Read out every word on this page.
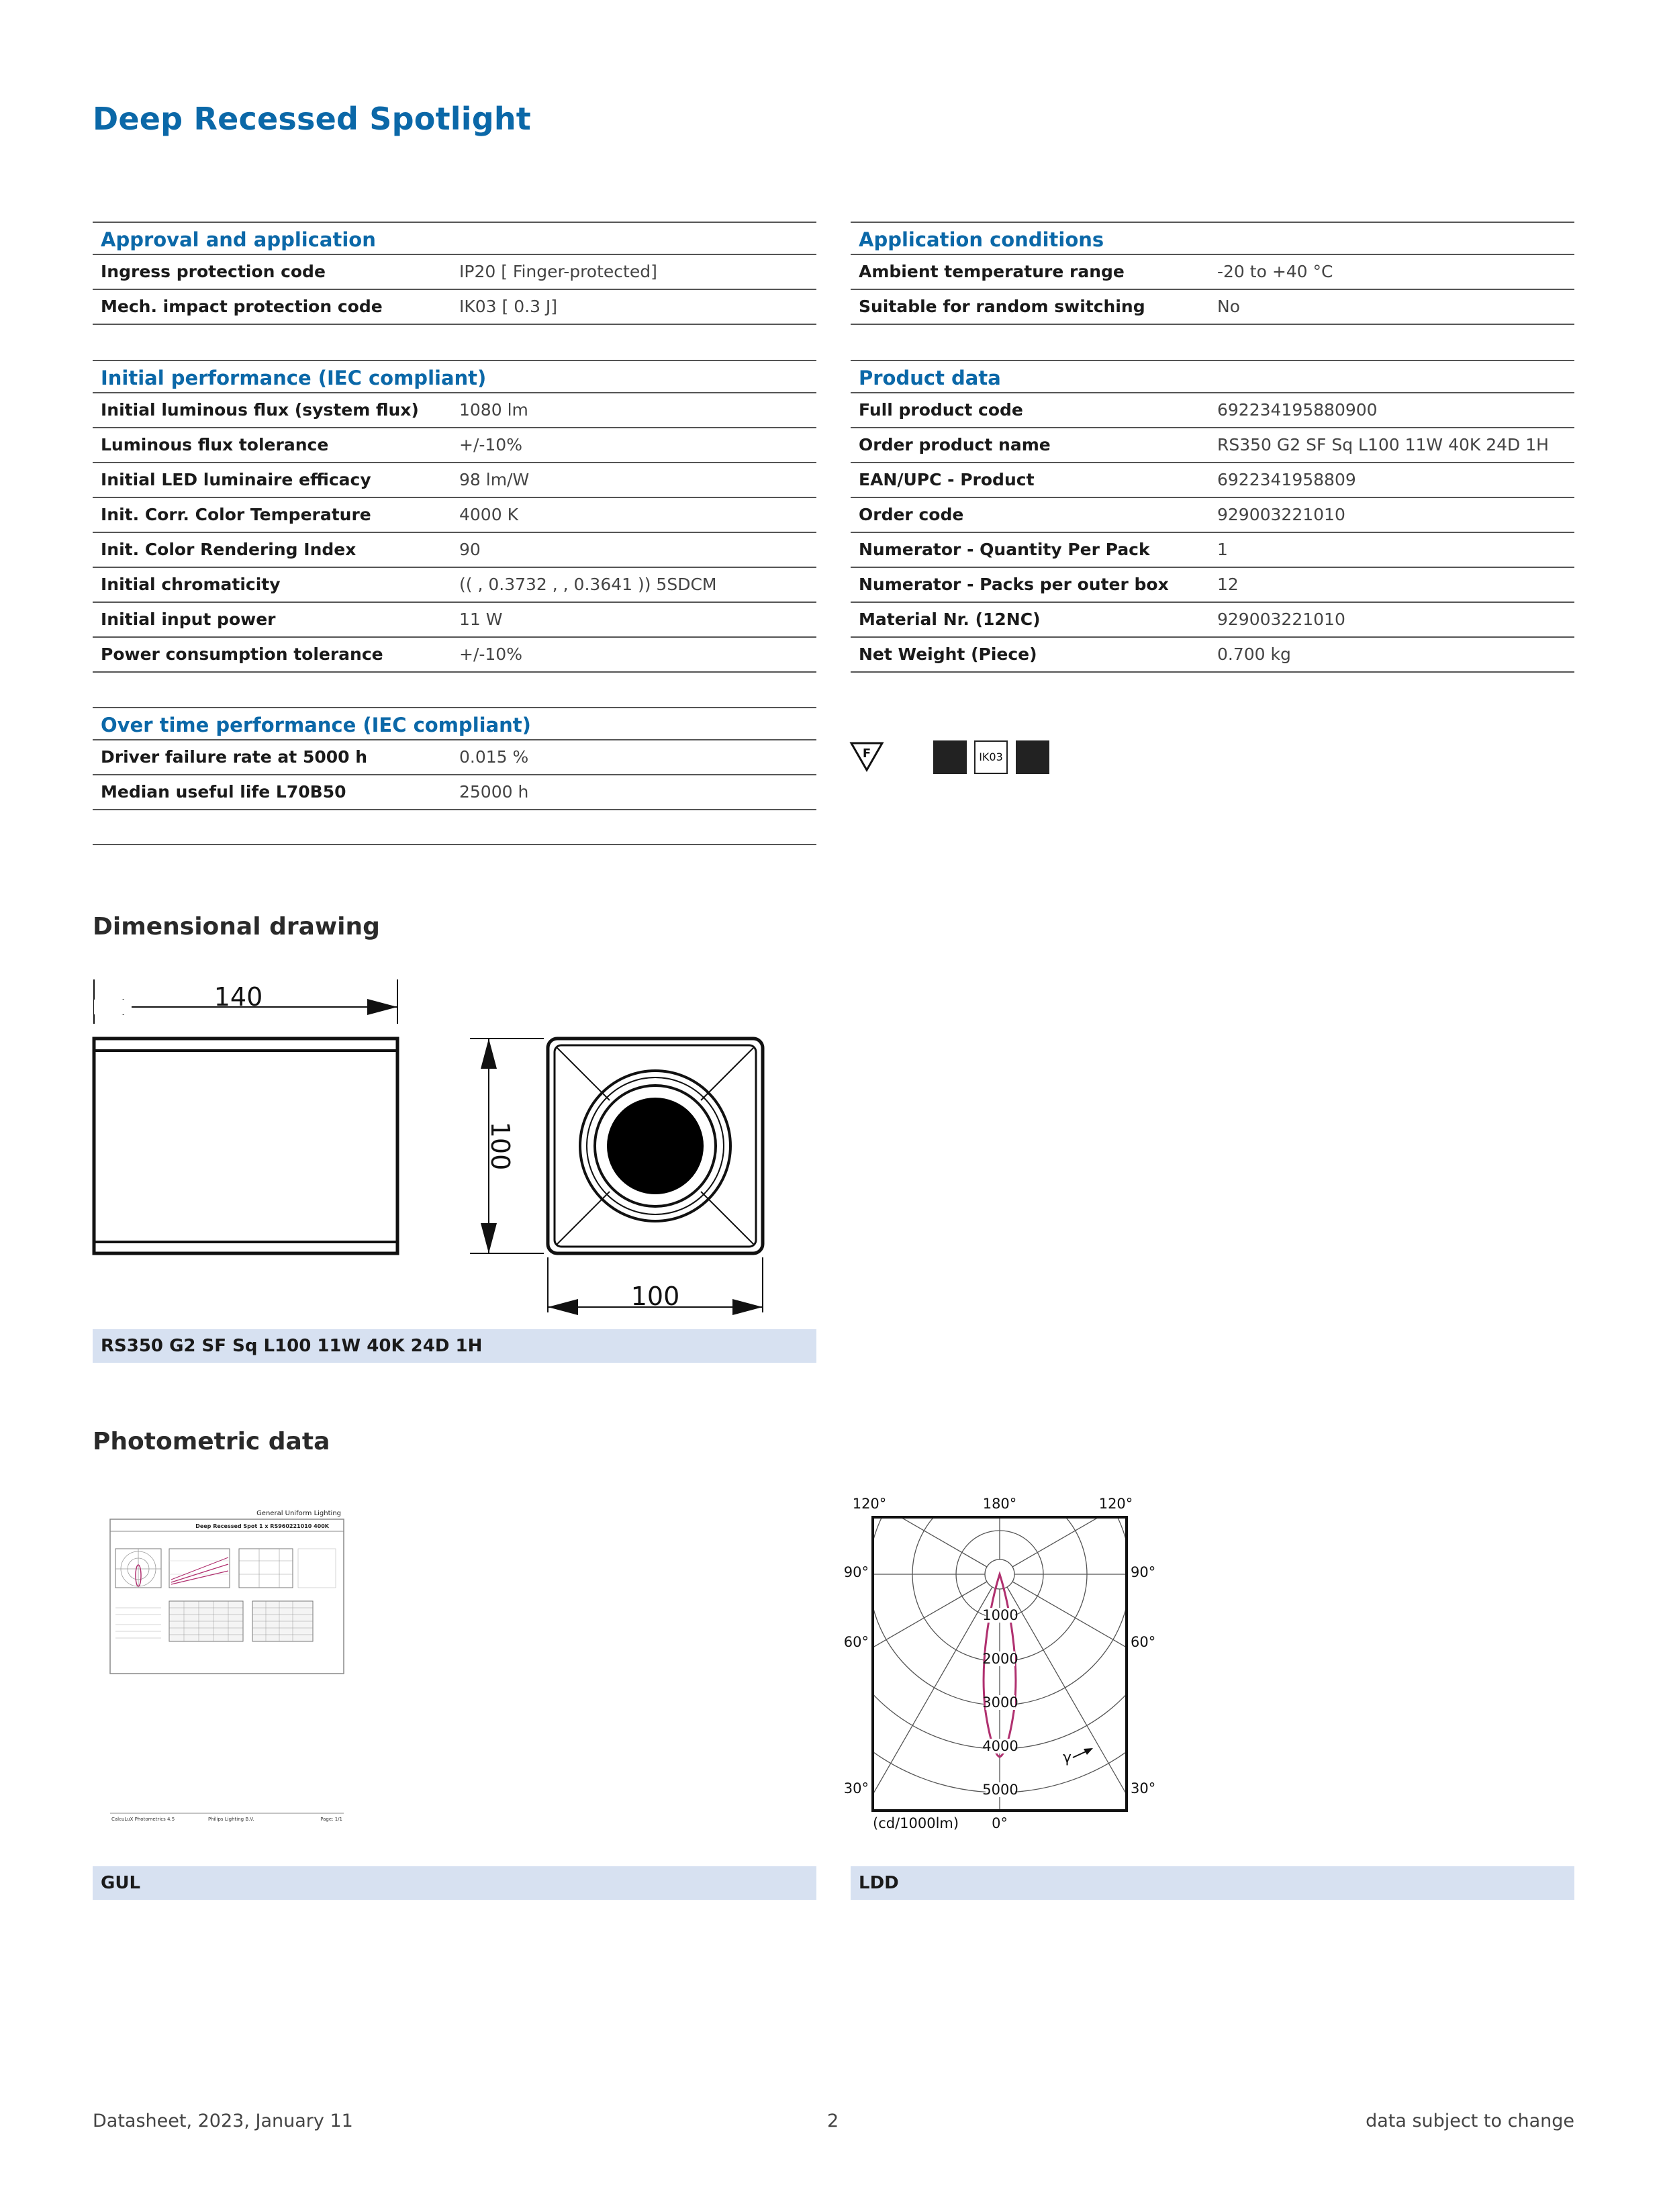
Deep Recessed Spotlight
Approval and application
Ingress protection code	IP20 [ Finger-protected]
Mech. impact protection code	IK03 [ 0.3 J]
Initial performance (IEC compliant)
Initial luminous flux (system flux) 1080 lm
Luminous flux tolerance	+/-10%
Initial LED luminaire efficacy	98 lm/W
Init. Corr. Color Temperature	4000 K
Init. Color Rendering Index	90
Initial chromaticity	(( , 0.3732 , , 0.3641 )) 5SDCM
Initial input power	11 W
Power consumption tolerance	+/-10%
Over time performance (IEC compliant)
Driver failure rate at 5000 h	0.015 %
Median useful life L70B50	25000 h
Application conditions
Ambient temperature range	-20 to +40 °C
Suitable for random switching	No
Product data
Full product code	692234195880900
Order product name	RS350 G2 SF Sq L100 11W 40K 24D 1H
EAN/UPC - Product	6922341958809
Order code	929003221010
Numerator - Quantity Per Pack	1
Numerator - Packs per outer box	12
Material Nr. (12NC)	929003221010
Net Weight (Piece)	0.700 kg
F	IK03
Dimensional drawing
140
100
100
RS350 G2 SF Sq L100 11W 40K 24D 1H
Photometric data
General Uniform Lighting
Deep Recessed Spot 1 x RS960221010 400K
CalcuLuX Photometrics 4.5	Philips Lighting B.V.	Page: 1/1
1000
2000
3000
4000
5000
γ
120°	180°	120°
90°	90°
60°	60°
30°	30°
(cd/1000lm) 0°
GUL	LDD
Datasheet, 2023, January 11	2	data subject to change
